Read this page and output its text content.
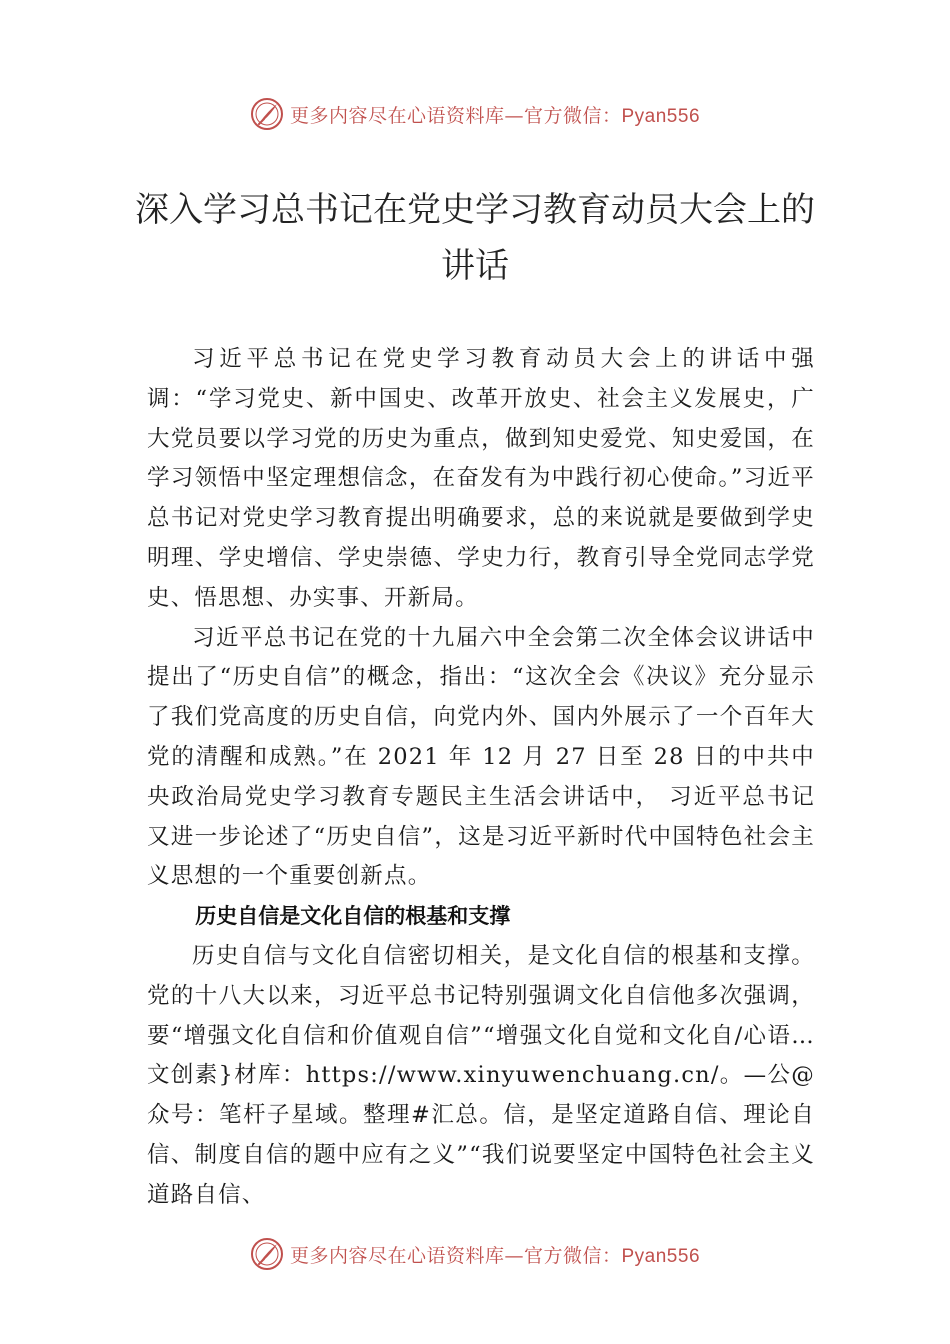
更多内容尽在心语资料库—官方微信：Pyan556
深入学习总书记在党史学习教育动员大会上的讲话

习近平总书记在党史学习教育动员大会上的讲话中强调：“学习党史、新中国史、改革开放史、社会主义发展史，广大党员要以学习党的历史为重点，做到知史爱党、知史爱国，在学习领悟中坚定理想信念，在奋发有为中践行初心使命。”习近平总书记对党史学习教育提出明确要求，总的来说就是要做到学史明理、学史增信、学史崇德、学史力行，教育引导全党同志学党史、悟思想、办实事、开新局。

习近平总书记在党的十九届六中全会第二次全体会议讲话中提出了“历史自信”的概念，指出：“这次全会《决议》充分显示了我们党高度的历史自信，向党内外、国内外展示了一个百年大党的清醒和成熟。”在 2021 年 12 月 27 日至 28 日的中共中央政治局党史学习教育专题民主生活会讲话中， 习近平总书记又进一步论述了“历史自信”，这是习近平新时代中国特色社会主义思想的一个重要创新点。

历史自信是文化自信的根基和支撑

历史自信与文化自信密切相关，是文化自信的根基和支撑。党的十八大以来，习近平总书记特别强调文化自信他多次强调，要“增强文化自信和价值观自信”“增强文化自觉和文化自/心语…文创素}材库：https://www.xinyuwenchuang.cn/。—公@众号：笔杆子星域。整理#汇总。信，是坚定道路自信、理论自信、制度自信的题中应有之义”“我们说要坚定中国特色社会主义道路自信、

更多内容尽在心语资料库—官方微信：Pyan556
